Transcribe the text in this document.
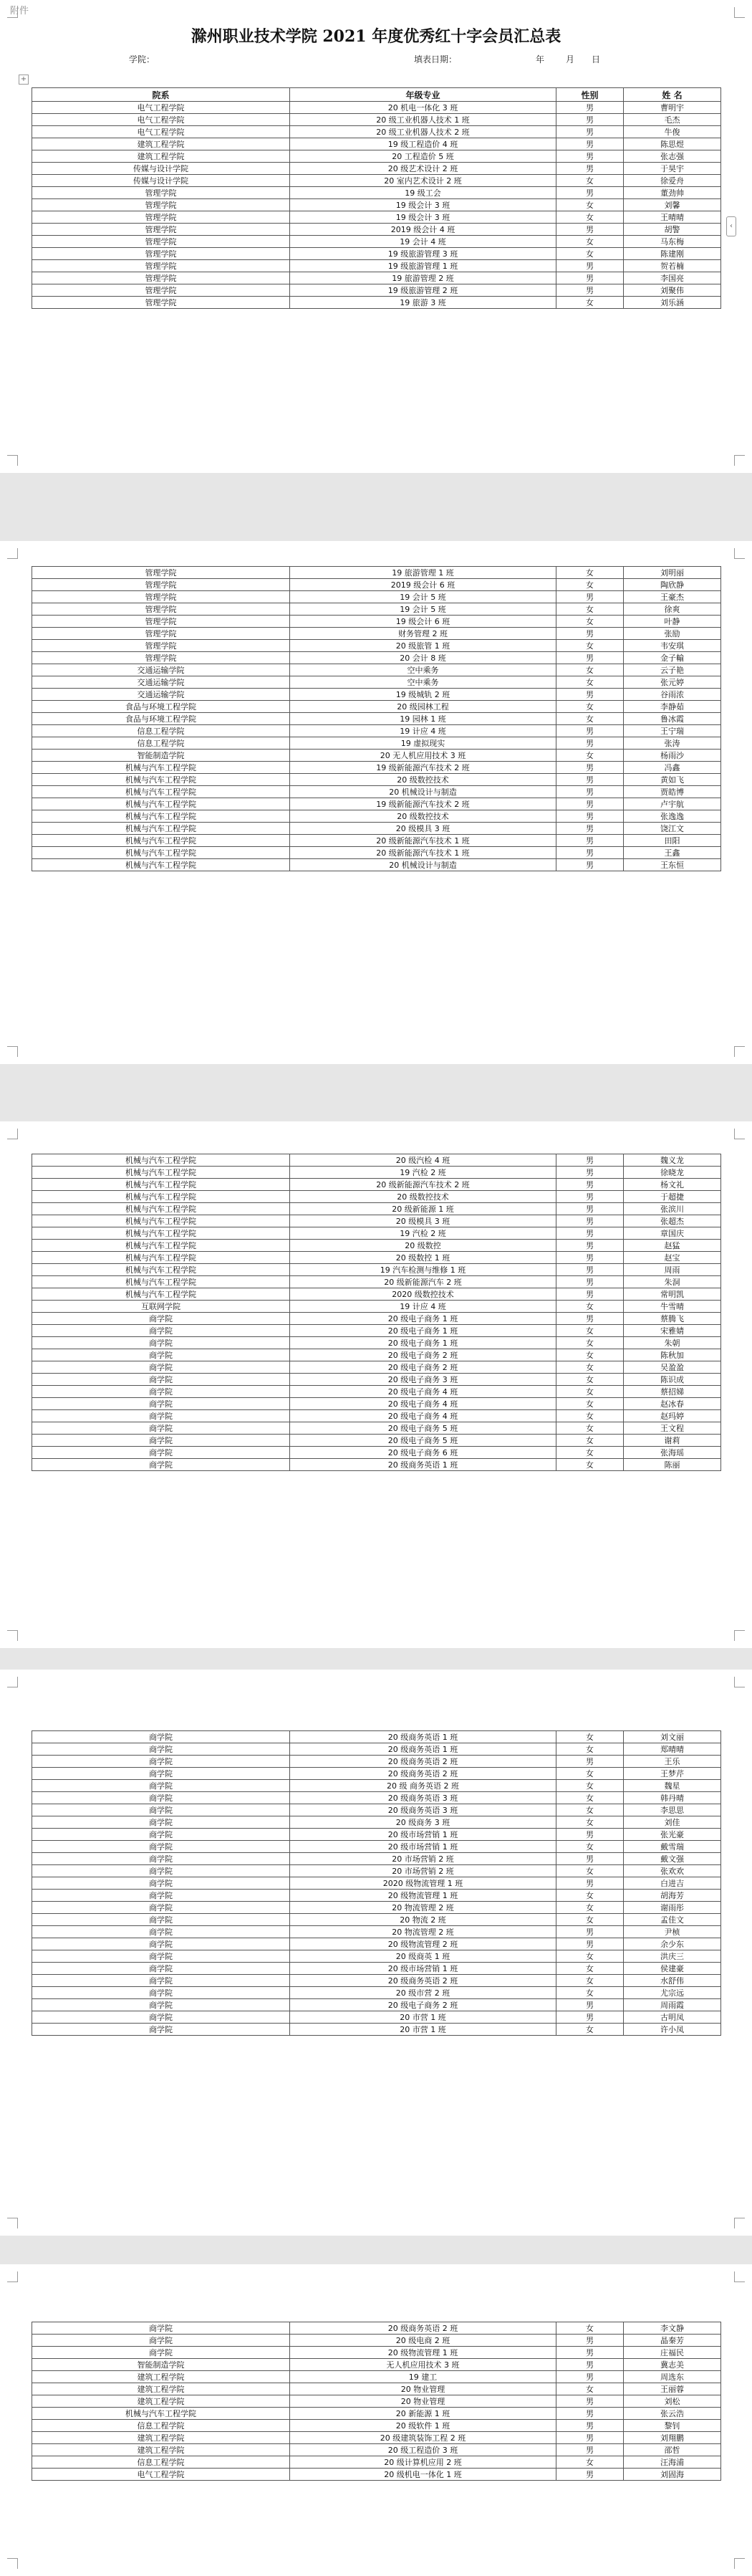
附件
滁州职业技术学院 2021 年度优秀红十字会员汇总表
学院：	填表日期：	年 月 日
+
‹
院系	年级专业	性别	姓 名
电气工程学院	20 机电一体化 3 班	男	曹明宇
电气工程学院	20 级工业机器人技术 1 班	男	毛杰
电气工程学院	20 级工业机器人技术 2 班	男	牛俊
建筑工程学院	19 级工程造价 4 班	男	陈思煜
建筑工程学院	20 工程造价 5 班	男	张志强
传媒与设计学院	20 级艺术设计 2 班	男	于昊宇
传媒与设计学院	20 室内艺术设计 2 班	女	徐爱舟
管理学院	19 级工会	男	董劲帅
管理学院	19 级会计 3 班	女	刘馨
管理学院	19 级会计 3 班	女	王晴晴
管理学院	2019 级会计 4 班	男	胡警
管理学院	19 会计 4 班	女	马东梅
管理学院	19 级旅游管理 3 班	女	陈建刚
管理学院	19 级旅游管理 1 班	男	贺若楠
管理学院	19 旅游管理 2 班	男	李国亮
管理学院	19 级旅游管理 2 班	男	刘聚伟
管理学院	19 旅游 3 班	女	刘乐涵
管理学院	19 旅游管理 1 班	女	刘明丽
管理学院	2019 级会计 6 班	女	陶欣静
管理学院	19 会计 5 班	男	王豪杰
管理学院	19 会计 5 班	女	徐爽
管理学院	19 级会计 6 班	女	叶静
管理学院	财务管理 2 班	男	张励
管理学院	20 级旅管 1 班	女	韦安琪
管理学院	20 会计 8 班	男	金子輸
交通运输学院	空中乘务	女	云子艳
交通运输学院	空中乘务	女	张元婷
交通运输学院	19 级城轨 2 班	男	谷雨浓
食品与环境工程学院	20 级园林工程	女	李静茹
食品与环境工程学院	19 园林 1 班	女	鲁冰霞
信息工程学院	19 计应 4 班	男	王宁瑞
信息工程学院	19 虚拟现实	男	张涛
智能制造学院	20 无人机应用技术 3 班	女	杨雨沙
机械与汽车工程学院	19 级新能源汽车技术 2 班	男	冯鑫
机械与汽车工程学院	20 级数控技术	男	黄如飞
机械与汽车工程学院	20 机械设计与制造	男	贾皓博
机械与汽车工程学院	19 级新能源汽车技术 2 班	男	卢宇航
机械与汽车工程学院	20 级数控技术	男	张逸逸
机械与汽车工程学院	20 级模具 3 班	男	饶江文
机械与汽车工程学院	20 级新能源汽车技术 1 班	男	田阳
机械与汽车工程学院	20 级新能源汽车技术 1 班	男	王鑫
机械与汽车工程学院	20 机械设计与制造	男	王东恒
机械与汽车工程学院	20 级汽检 4 班	男	魏义龙
机械与汽车工程学院	19 汽检 2 班	男	徐晓龙
机械与汽车工程学院	20 级新能源汽车技术 2 班	男	杨文礼
机械与汽车工程学院	20 级数控技术	男	于超捷
机械与汽车工程学院	20 级新能源 1 班	男	张滨川
机械与汽车工程学院	20 级模具 3 班	男	张超杰
机械与汽车工程学院	19 汽检 2 班	男	章国庆
机械与汽车工程学院	20 级数控	男	赵猛
机械与汽车工程学院	20 级数控 1 班	男	赵宝
机械与汽车工程学院	19 汽车检测与维修 1 班	男	周雨
机械与汽车工程学院	20 级新能源汽车 2 班	男	朱洞
机械与汽车工程学院	2020 级数控技术	男	常明凯
互联网学院	19 计应 4 班	女	牛雪晴
商学院	20 级电子商务 1 班	男	蔡腾飞
商学院	20 级电子商务 1 班	女	宋雅婧
商学院	20 级电子商务 1 班	女	朱朝
商学院	20 级电子商务 2 班	女	陈秋加
商学院	20 级电子商务 2 班	女	吴盈盈
商学院	20 级电子商务 3 班	女	陈识成
商学院	20 级电子商务 4 班	女	蔡招娣
商学院	20 级电子商务 4 班	女	赵冰春
商学院	20 级电子商务 4 班	女	赵玛婷
商学院	20 级电子商务 5 班	女	王文程
商学院	20 级电子商务 5 班	女	谢莉
商学院	20 级电子商务 6 班	女	张海瑶
商学院	20 级商务英语 1 班	女	陈丽
商学院	20 级商务英语 1 班	女	刘文丽
商学院	20 级商务英语 1 班	女	郑晴晴
商学院	20 级商务英语 2 班	男	王乐
商学院	20 级商务英语 2 班	女	王梦芹
商学院	20 级 商务英语 2 班	女	魏星
商学院	20 级商务英语 3 班	女	韩丹晴
商学院	20 级商务英语 3 班	女	李思思
商学院	20 级商务 3 班	女	刘佳
商学院	20 级市场营销 1 班	男	张光豪
商学院	20 级市场营销 1 班	女	戴雪瑞
商学院	20 市场营销 2 班	男	戴文强
商学院	20 市场营销 2 班	女	张欢欢
商学院	2020 级物流管理 1 班	男	白进吉
商学院	20 级物流管理 1 班	女	胡海芳
商学院	20 物流管理 2 班	女	谢雨彤
商学院	20 物流 2 班	女	孟佳文
商学院	20 物流管理 2 班	男	尹桢
商学院	20 级物流管理 2 班	男	余少东
商学院	20 级商英 1 班	女	洪庆三
商学院	20 级市场营销 1 班	女	侯建豪
商学院	20 级商务英语 2 班	女	水舒伟
商学院	20 级市营 2 班	女	尤宗远
商学院	20 级电子商务 2 班	男	周雨霞
商学院	20 市营 1 班	男	古明凤
商学院	20 市营 1 班	女	许小凤
商学院	20 级商务英语 2 班	女	李文静
商学院	20 级电商 2 班	男	晶秦芳
商学院	20 级物流管理 1 班	男	庄福民
智能制造学院	无人机应用技术 3 班	男	冀志美
建筑工程学院	19 建工	男	周选东
建筑工程学院	20 物业管理	女	王丽蓉
建筑工程学院	20 物业管理	男	刘松
机械与汽车工程学院	20 新能源 1 班	男	张云浩
信息工程学院	20 级软件 1 班	男	黎钊
建筑工程学院	20 级建筑装饰工程 2 班	男	刘翔鹏
建筑工程学院	20 级工程造价 3 班	男	邵哲
信息工程学院	20 级计算机应用 2 班	女	汪海浦
电气工程学院	20 级机电一体化 1 班	男	刘固海
